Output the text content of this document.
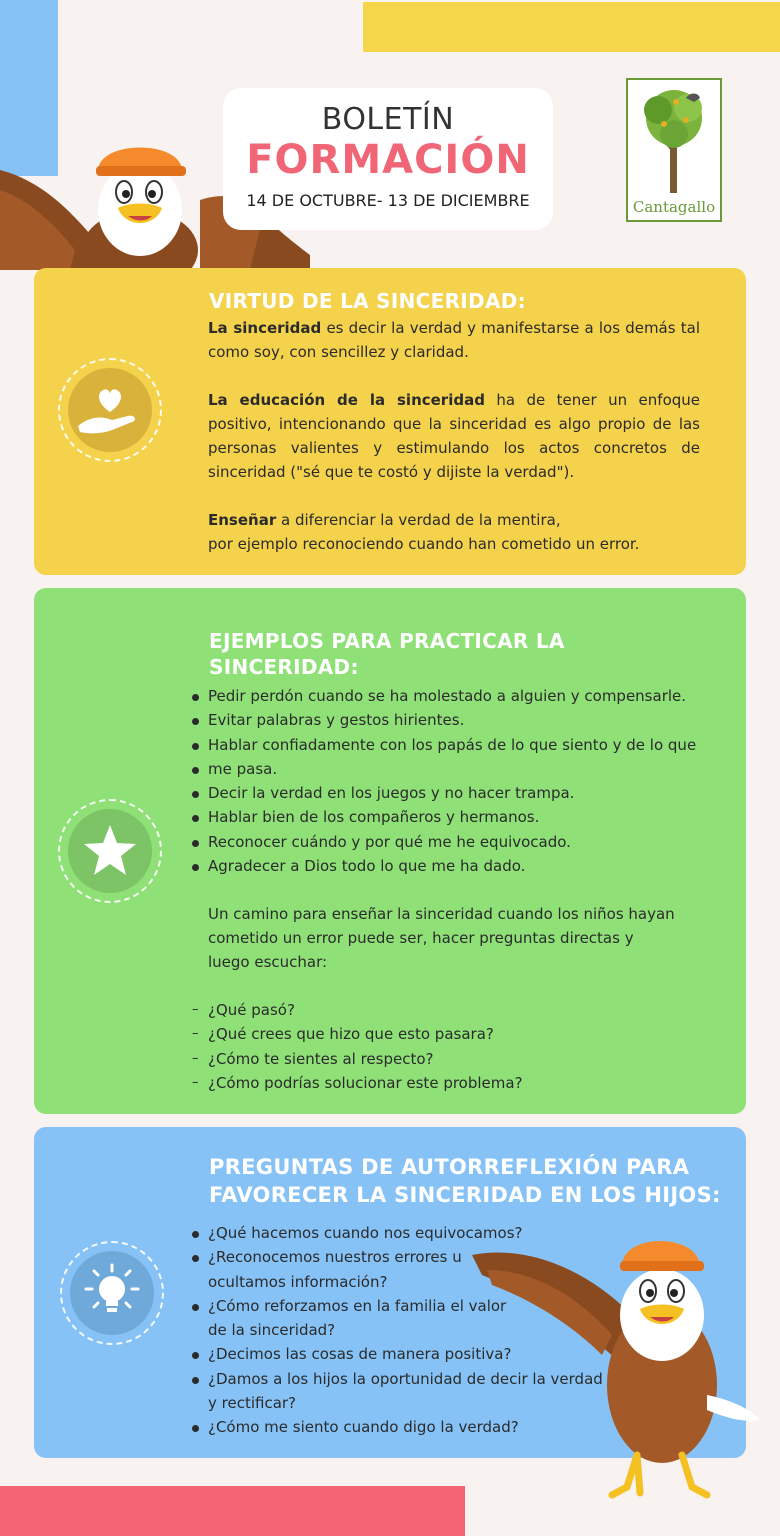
BOLETÍN
FORMACIÓN
14 DE OCTUBRE- 13 DE DICIEMBRE	Cantagallo
VIRTUD DE LA SINCERIDAD:

La sinceridad es decir la verdad y manifestarse a los demás tal como soy, con sencillez y claridad.

La educación de la sinceridad ha de tener un enfoque positivo, intencionando que la sinceridad es algo propio de las personas valientes y estimulando los actos concretos de sinceridad ("sé que te costó y dijiste la verdad").

Enseñar a diferenciar la verdad de la mentira,
por ejemplo reconociendo cuando han cometido un error.

EJEMPLOS PARA PRACTICAR LA
SINCERIDAD:
Pedir perdón cuando se ha molestado a alguien y compensarle.
Evitar palabras y gestos hirientes.
Hablar confiadamente con los papás de lo que siento y de lo que
me pasa.
Decir la verdad en los juegos y no hacer trampa.
Hablar bien de los compañeros y hermanos.
Reconocer cuándo y por qué me he equivocado.
Agradecer a Dios todo lo que me ha dado.
Un camino para enseñar la sinceridad cuando los niños hayan cometido un error puede ser, hacer preguntas directas y luego escuchar:
– ¿Qué pasó?
– ¿Qué crees que hizo que esto pasara?
– ¿Cómo te sientes al respecto?
– ¿Cómo podrías solucionar este problema?
PREGUNTAS DE AUTORREFLEXIÓN PARA
FAVORECER LA SINCERIDAD EN LOS HIJOS:
¿Qué hacemos cuando nos equivocamos?
¿Reconocemos nuestros errores u
ocultamos información?
¿Cómo reforzamos en la familia el valor
de la sinceridad?
¿Decimos las cosas de manera positiva?
¿Damos a los hijos la oportunidad de decir la verdad
y rectificar?
¿Cómo me siento cuando digo la verdad?
